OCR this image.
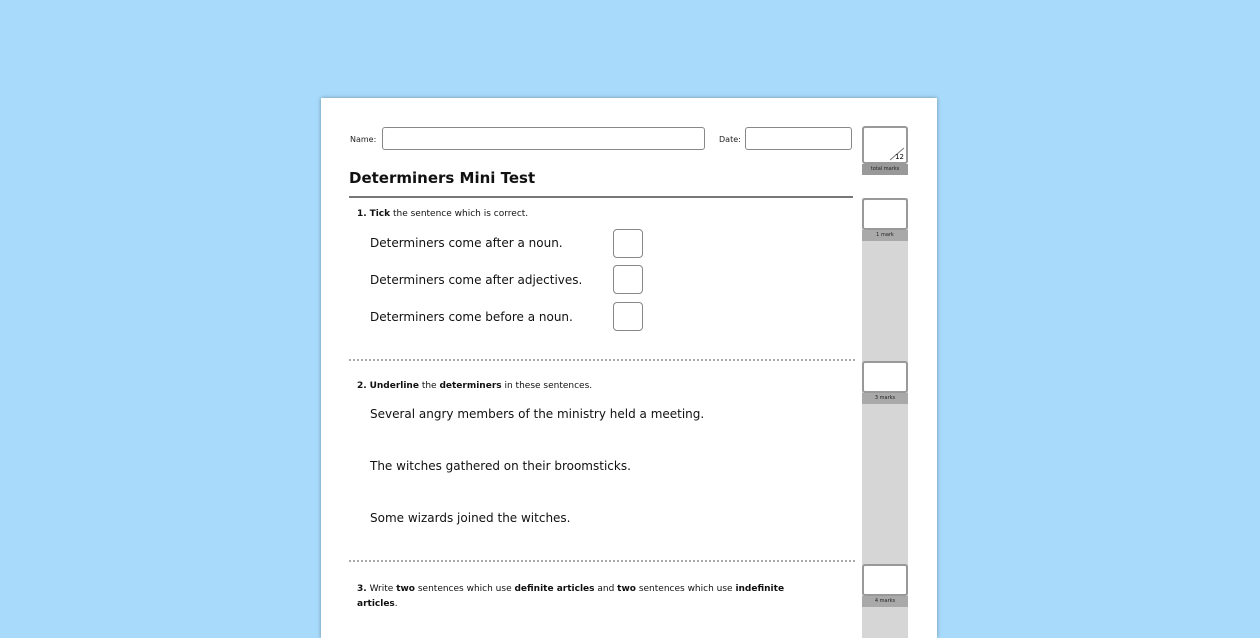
Name:	Date:
12
total marks
Determiners Mini Test
1. Tick the sentence which is correct.
Determiners come after a noun.
Determiners come after adjectives.
Determiners come before a noun.
1 mark
2. Underline the determiners in these sentences.
Several angry members of the ministry held a meeting.
The witches gathered on their broomsticks.
Some wizards joined the witches.
3 marks
3. Write two sentences which use definite articles and two sentences which use indefinite articles.	4 marks
